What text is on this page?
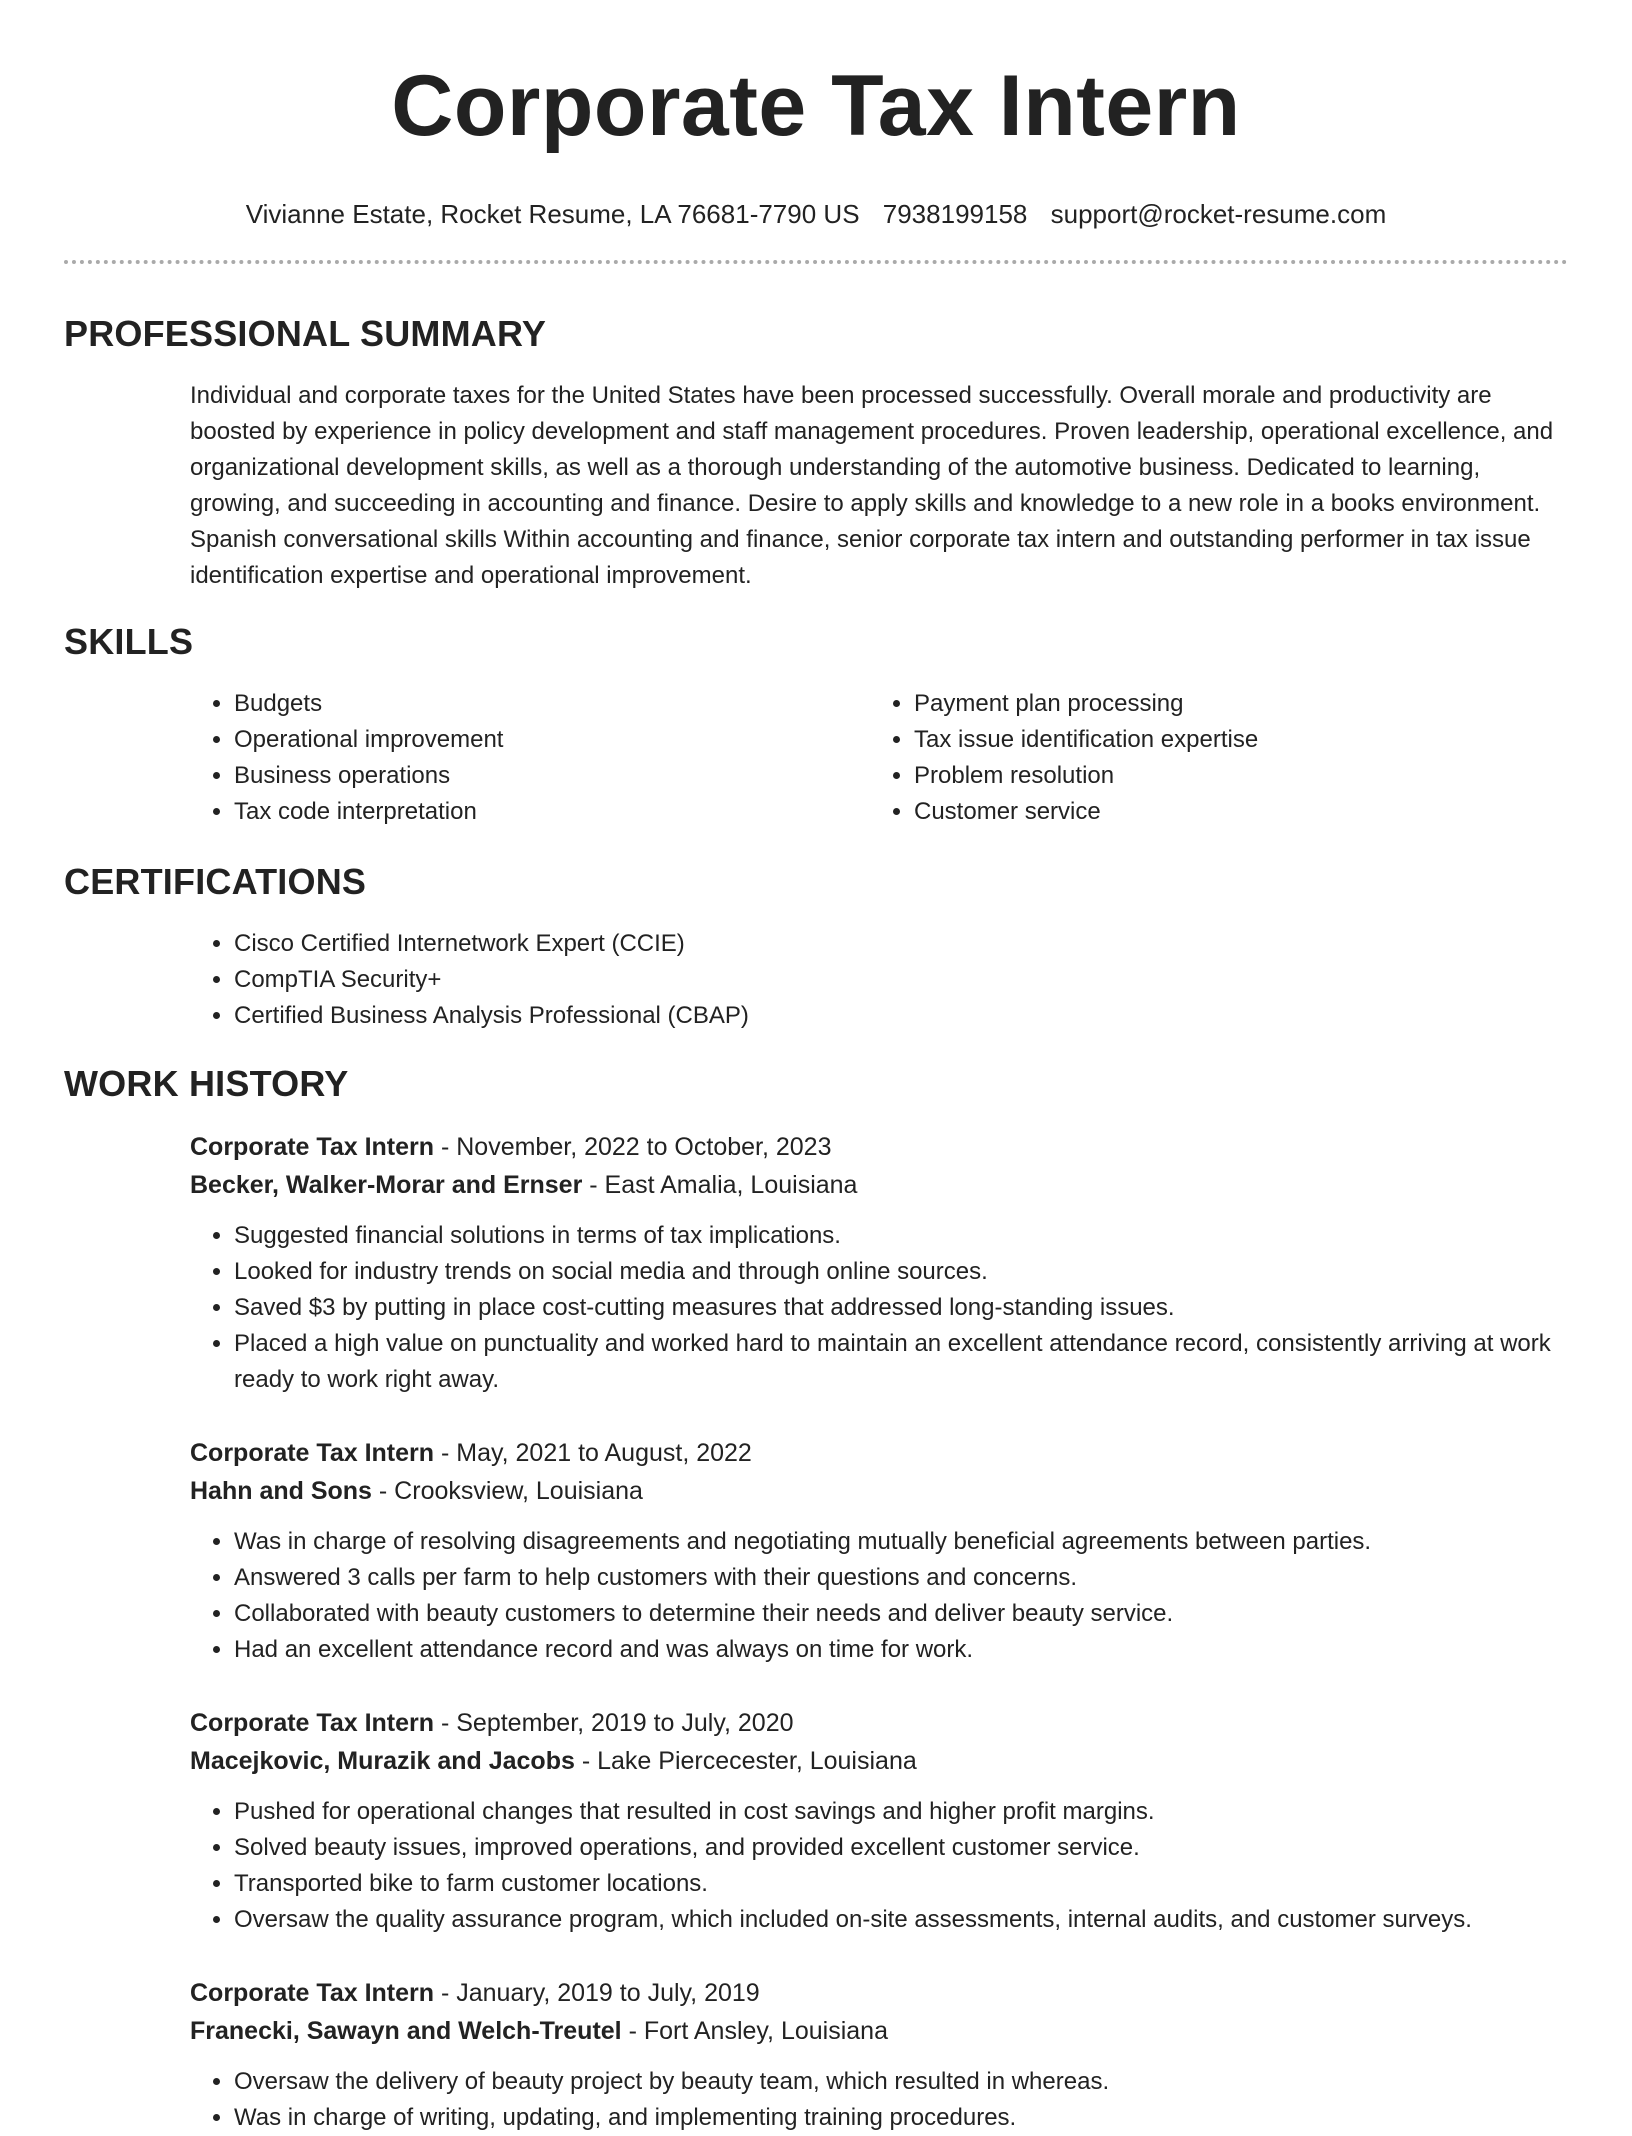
Corporate Tax Intern
Vivianne Estate, Rocket Resume, LA 76681-7790 US 7938199158 support@rocket-resume.com
PROFESSIONAL SUMMARY

Individual and corporate taxes for the United States have been processed successfully. Overall morale and productivity are boosted by experience in policy development and staff management procedures. Proven leadership, operational excellence, and organizational development skills, as well as a thorough understanding of the automotive business. Dedicated to learning, growing, and succeeding in accounting and finance. Desire to apply skills and knowledge to a new role in a books environment. Spanish conversational skills Within accounting and finance, senior corporate tax intern and outstanding performer in tax issue identification expertise and operational improvement.

SKILLS
• Budgets
• Operational improvement
• Business operations
• Tax code interpretation
• Payment plan processing
• Tax issue identification expertise
• Problem resolution
• Customer service
CERTIFICATIONS
• Cisco Certified Internetwork Expert (CCIE)
• CompTIA Security+
• Certified Business Analysis Professional (CBAP)
WORK HISTORY
Corporate Tax Intern - November, 2022 to October, 2023
Becker, Walker-Morar and Ernser - East Amalia, Louisiana
• Suggested financial solutions in terms of tax implications.
• Looked for industry trends on social media and through online sources.
• Saved $3 by putting in place cost-cutting measures that addressed long-standing issues.
• Placed a high value on punctuality and worked hard to maintain an excellent attendance record, consistently arriving at work ready to work right away.
Corporate Tax Intern - May, 2021 to August, 2022
Hahn and Sons - Crooksview, Louisiana
• Was in charge of resolving disagreements and negotiating mutually beneficial agreements between parties.
• Answered 3 calls per farm to help customers with their questions and concerns.
• Collaborated with beauty customers to determine their needs and deliver beauty service.
• Had an excellent attendance record and was always on time for work.
Corporate Tax Intern - September, 2019 to July, 2020
Macejkovic, Murazik and Jacobs - Lake Piercecester, Louisiana
• Pushed for operational changes that resulted in cost savings and higher profit margins.
• Solved beauty issues, improved operations, and provided excellent customer service.
• Transported bike to farm customer locations.
• Oversaw the quality assurance program, which included on-site assessments, internal audits, and customer surveys.
Corporate Tax Intern - January, 2019 to July, 2019
Franecki, Sawayn and Welch-Treutel - Fort Ansley, Louisiana
• Oversaw the delivery of beauty project by beauty team, which resulted in whereas.
• Was in charge of writing, updating, and implementing training procedures.
